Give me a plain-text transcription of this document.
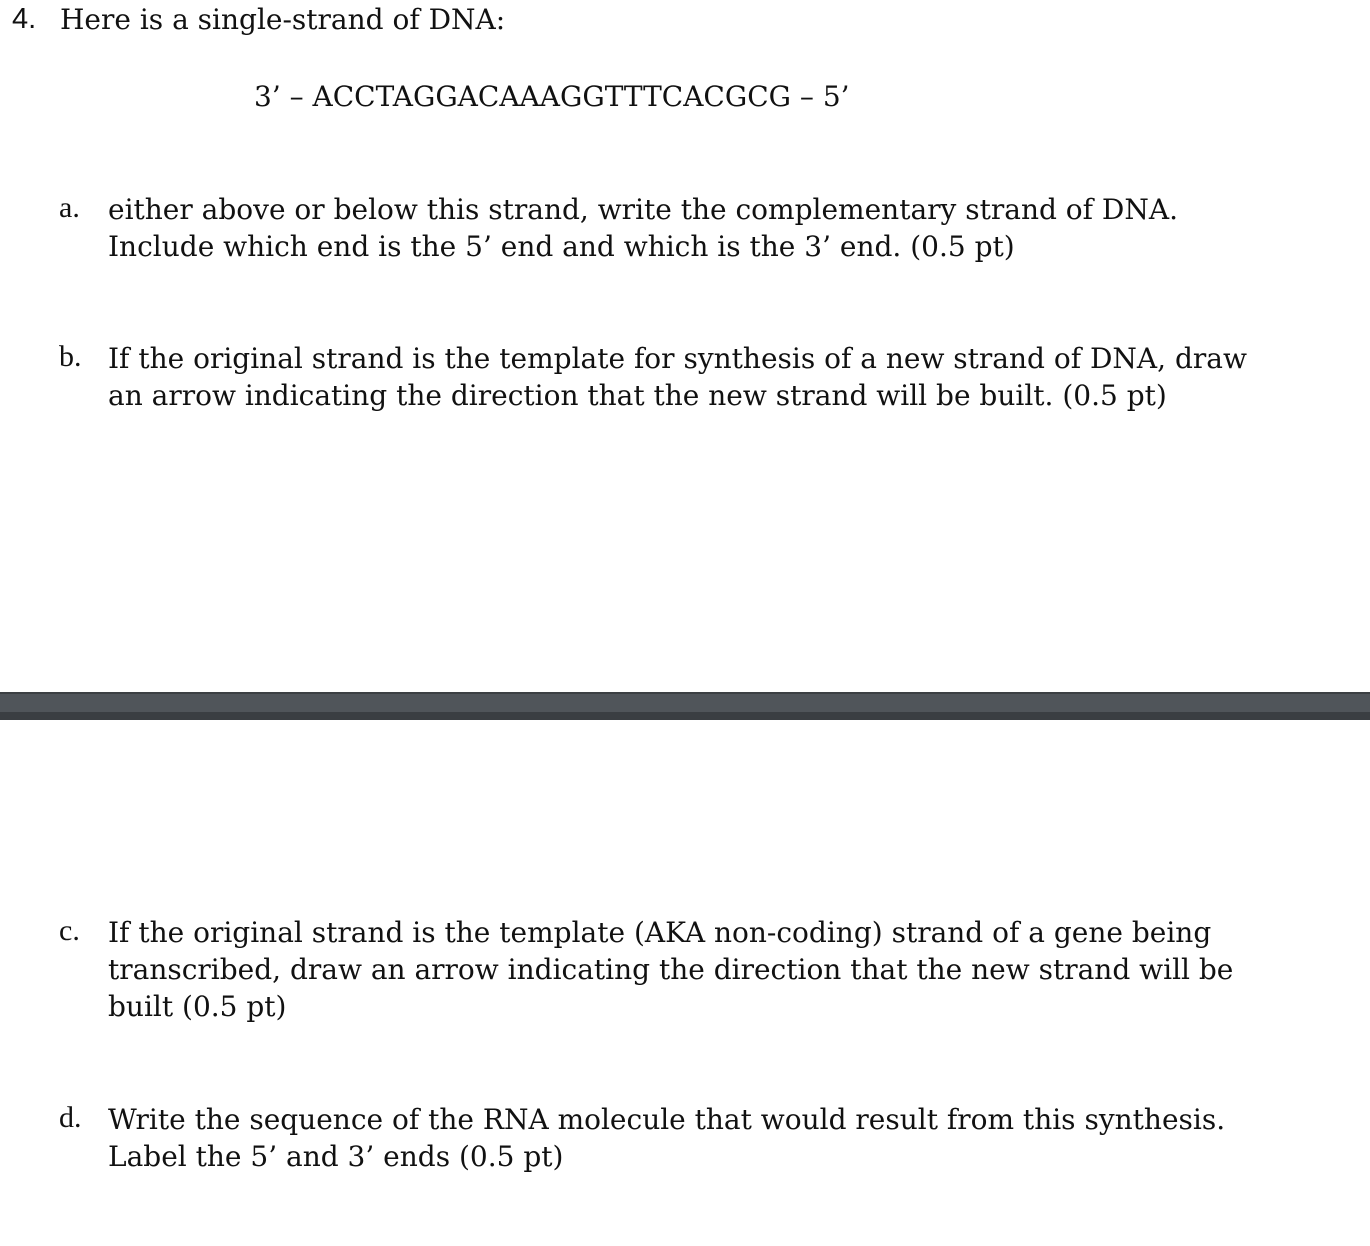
4. Here is a single-strand of DNA:
3’ – ACCTAGGACAAAGGTTTCACGCG – 5’
a. either above or below this strand, write the complementary strand of DNA.
Include which end is the 5’ end and which is the 3’ end. (0.5 pt)
b. If the original strand is the template for synthesis of a new strand of DNA, draw
an arrow indicating the direction that the new strand will be built. (0.5 pt)
c. If the original strand is the template (AKA non-coding) strand of a gene being
transcribed, draw an arrow indicating the direction that the new strand will be
built (0.5 pt)
d. Write the sequence of the RNA molecule that would result from this synthesis.
Label the 5’ and 3’ ends (0.5 pt)
